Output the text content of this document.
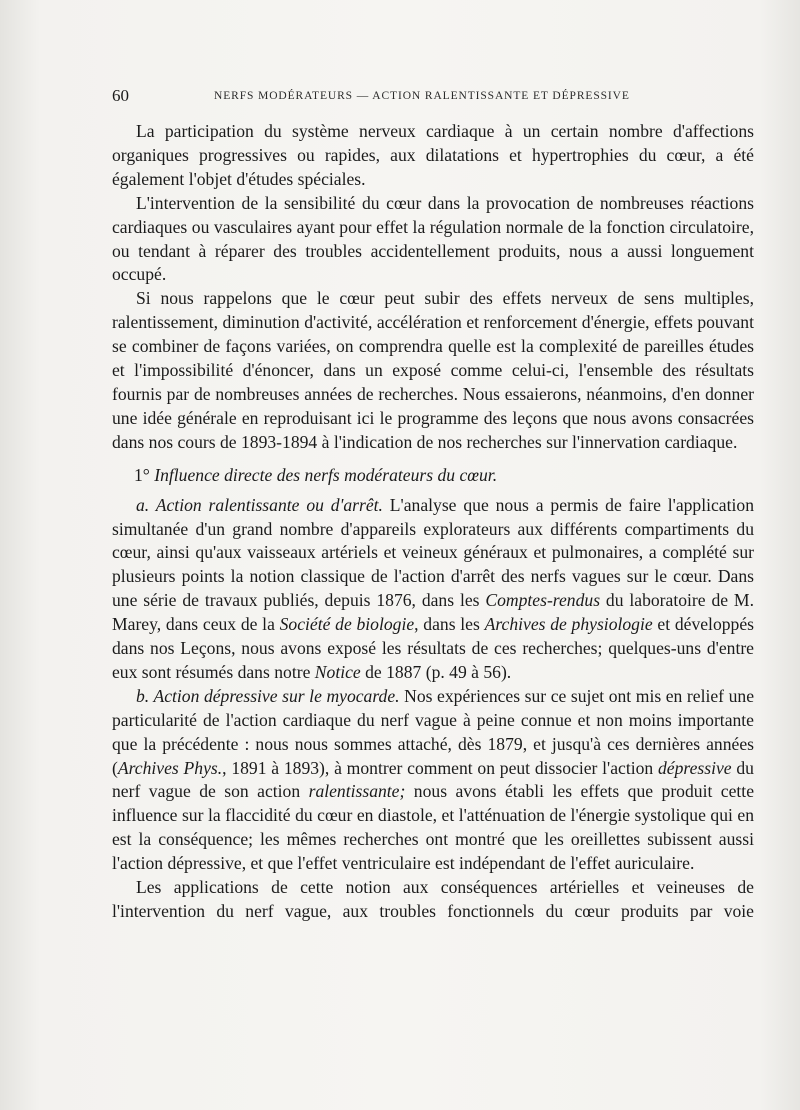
60	NERFS MODÉRATEURS — ACTION RALENTISSANTE ET DÉPRESSIVE

La participation du système nerveux cardiaque à un certain nombre d'affections organiques progressives ou rapides, aux dilatations et hypertrophies du cœur, a été également l'objet d'études spéciales.

L'intervention de la sensibilité du cœur dans la provocation de nombreuses réactions cardiaques ou vasculaires ayant pour effet la régulation normale de la fonction circulatoire, ou tendant à réparer des troubles accidentellement produits, nous a aussi longuement occupé.

Si nous rappelons que le cœur peut subir des effets nerveux de sens multiples, ralentissement, diminution d'activité, accélération et renforcement d'énergie, effets pouvant se combiner de façons variées, on comprendra quelle est la complexité de pareilles études et l'impossibilité d'énoncer, dans un exposé comme celui-ci, l'ensemble des résultats fournis par de nombreuses années de recherches. Nous essaierons, néanmoins, d'en donner une idée générale en reproduisant ici le programme des leçons que nous avons consacrées dans nos cours de 1893-1894 à l'indication de nos recherches sur l'innervation cardiaque.

1° Influence directe des nerfs modérateurs du cœur.

a. Action ralentissante ou d'arrêt. L'analyse que nous a permis de faire l'application simultanée d'un grand nombre d'appareils explorateurs aux différents compartiments du cœur, ainsi qu'aux vaisseaux artériels et veineux généraux et pulmonaires, a complété sur plusieurs points la notion classique de l'action d'arrêt des nerfs vagues sur le cœur. Dans une série de travaux publiés, depuis 1876, dans les Comptes-rendus du laboratoire de M. Marey, dans ceux de la Société de biologie, dans les Archives de physiologie et développés dans nos Leçons, nous avons exposé les résultats de ces recherches; quelques-uns d'entre eux sont résumés dans notre Notice de 1887 (p. 49 à 56).

b. Action dépressive sur le myocarde. Nos expériences sur ce sujet ont mis en relief une particularité de l'action cardiaque du nerf vague à peine connue et non moins importante que la précédente : nous nous sommes attaché, dès 1879, et jusqu'à ces dernières années (Archives Phys., 1891 à 1893), à montrer comment on peut dissocier l'action dépressive du nerf vague de son action ralentissante; nous avons établi les effets que produit cette influence sur la flaccidité du cœur en diastole, et l'atténuation de l'énergie systolique qui en est la conséquence; les mêmes recherches ont montré que les oreillettes subissent aussi l'action dépressive, et que l'effet ventriculaire est indépendant de l'effet auriculaire.

Les applications de cette notion aux conséquences artérielles et veineuses de l'intervention du nerf vague, aux troubles fonctionnels du cœur produits par voie
